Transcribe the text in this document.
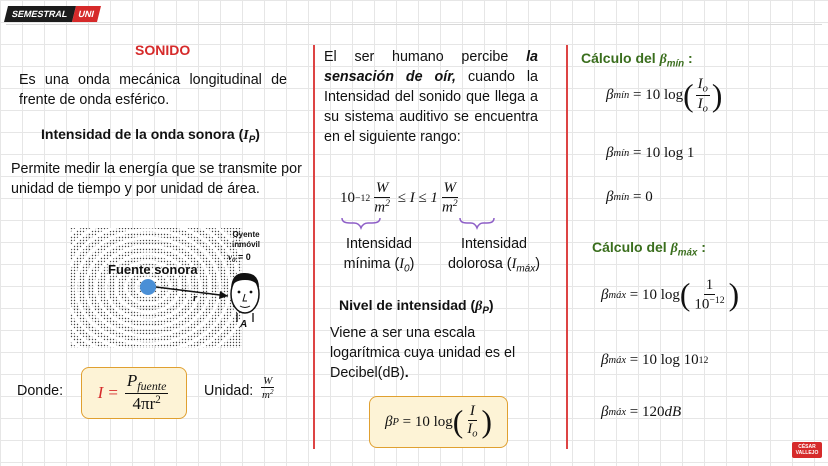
SEMESTRAL UNI
SONIDO
Es una onda mecánica longitudinal de frente de onda esférico.
Intensidad de la onda sonora $(I_P)$
Permite medir la energía que se transmite por unidad de tiempo y por unidad de área.
Oyente
inmóvil
$v_0 = 0$
Fuente sonora
r
A
Donde: $I = \frac{P_{fuente}}{4\pi r^2}$ Unidad: $\frac{W}{m^2}$
El ser humano percibe la sensación de oír, cuando la Intensidad del sonido que llega a su sistema auditivo se encuentra en el siguiente rango:
$10 -12 \frac{W}{m^2} \le I \le 1 \frac{W}{m^2}$
Intensidad
mínima $(I_0)$
Intensidad
dolorosa $(I_{máx})$
Nivel de intensidad $(\beta_P)$
Viene a ser una escala logarítmica cuya unidad es el Decibel(dB).
β P = 10 log ( $\frac{I}{I_o}$ )
Cálculo del $\beta_{mín}$ :
β mín = 10 log ( $\frac{I_o}{I_o}$ )
β mín = 10 log 1
β mín = 0
Cálculo del $\beta_{máx}$ :
β máx = 10 log ( $\frac{1}{10^{-12}}$ )
β máx = 10 log 10 12
β máx = 120 dB
CÉSAR
VALLEJO
